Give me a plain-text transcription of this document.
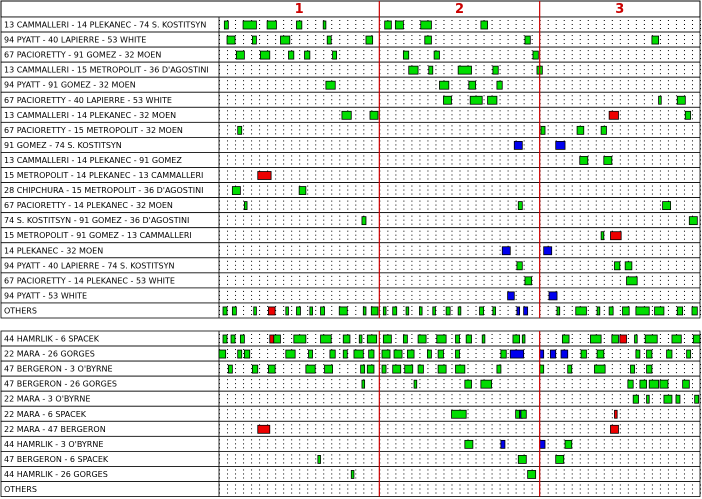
1	2	3
13 CAMMALLERI - 14 PLEKANEC - 74 S. KOSTITSYN
94 PYATT - 40 LAPIERRE - 53 WHITE
67 PACIORETTY - 91 GOMEZ - 32 MOEN
13 CAMMALLERI - 15 METROPOLIT - 36 D'AGOSTINI
94 PYATT - 91 GOMEZ - 32 MOEN
67 PACIORETTY - 40 LAPIERRE - 53 WHITE
13 CAMMALLERI - 14 PLEKANEC - 32 MOEN
67 PACIORETTY - 15 METROPOLIT - 32 MOEN
91 GOMEZ - 74 S. KOSTITSYN
13 CAMMALLERI - 14 PLEKANEC - 91 GOMEZ
15 METROPOLIT - 14 PLEKANEC - 13 CAMMALLERI
28 CHIPCHURA - 15 METROPOLIT - 36 D'AGOSTINI
67 PACIORETTY - 14 PLEKANEC - 32 MOEN
74 S. KOSTITSYN - 91 GOMEZ - 36 D'AGOSTINI
15 METROPOLIT - 91 GOMEZ - 13 CAMMALLERI
14 PLEKANEC - 32 MOEN
94 PYATT - 40 LAPIERRE - 74 S. KOSTITSYN
67 PACIORETTY - 14 PLEKANEC - 53 WHITE
94 PYATT - 53 WHITE
OTHERS
44 HAMRLIK - 6 SPACEK
22 MARA - 26 GORGES
47 BERGERON - 3 O'BYRNE
47 BERGERON - 26 GORGES
22 MARA - 3 O'BYRNE
22 MARA - 6 SPACEK
22 MARA - 47 BERGERON
44 HAMRLIK - 3 O'BYRNE
47 BERGERON - 6 SPACEK
44 HAMRLIK - 26 GORGES
OTHERS
